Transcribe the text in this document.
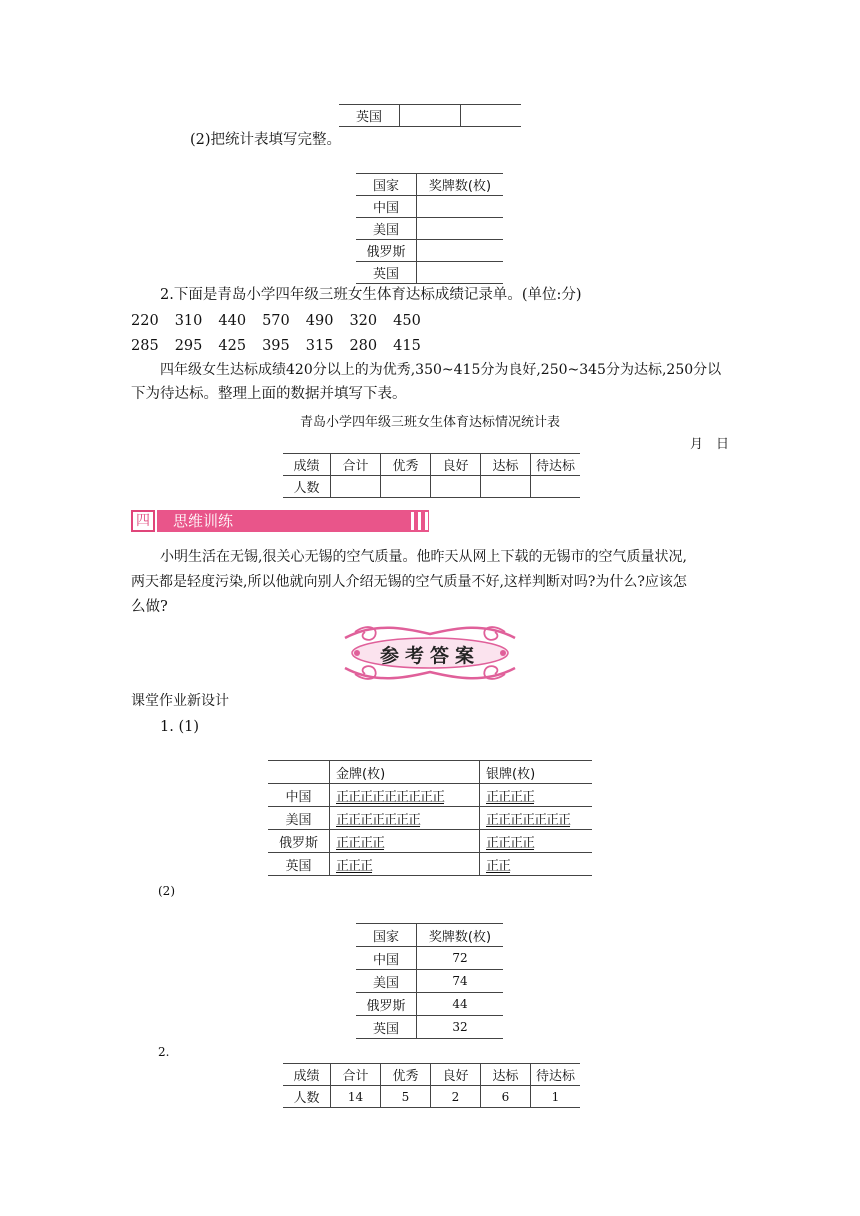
英国		
(2)把统计表填写完整。
国家	奖牌数(枚)
中国	
美国	
俄罗斯	
英国	
2.下面是青岛小学四年级三班女生体育达标成绩记录单。(单位:分)
220 310 440 570 490 320 450
285 295 425 395 315 280 415
四年级女生达标成绩420分以上的为优秀,350~415分为良好,250~345分为达标,250分以
下为待达标。整理上面的数据并填写下表。
青岛小学四年级三班女生体育达标情况统计表
月　日
成绩	合计	优秀	良好	达标	待达标
人数					
四	思维训练
小明生活在无锡,很关心无锡的空气质量。他昨天从网上下载的无锡市的空气质量状况,
两天都是轻度污染,所以他就向别人介绍无锡的空气质量不好,这样判断对吗?为什么?应该怎
么做?
参考答案
课堂作业新设计
1. (1)
	金牌(枚)	银牌(枚)
中国	正正正正正正正正正	正正正正
美国	正正正正正正正	正正正正正正正
俄罗斯	正正正正	正正正正
英国	正正正	正正
(2)
国家	奖牌数(枚)
中国	72
美国	74
俄罗斯	44
英国	32
2.
成绩	合计	优秀	良好	达标	待达标
人数	14	5	2	6	1
